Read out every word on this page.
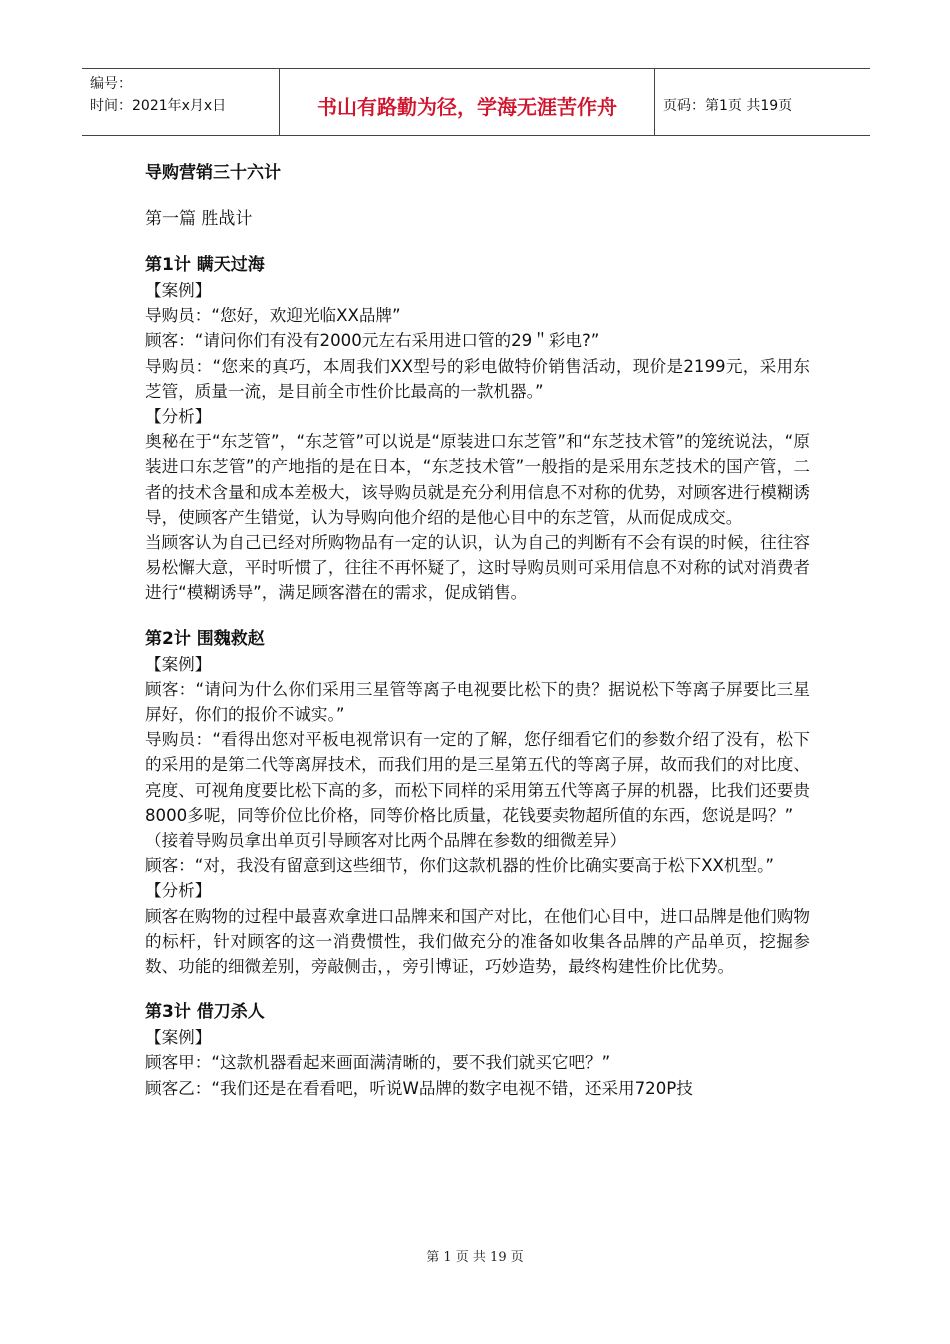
编号：
时间：2021年x月x日	书山有路勤为径，学海无涯苦作舟	页码：第1页 共19页
导购营销三十六计
第一篇 胜战计
第1计 瞒天过海

【案例】

导购员：“您好，欢迎光临XX品牌”

顾客：“请问你们有没有2000元左右采用进口管的29＂彩电?”

导购员：“您来的真巧，本周我们XX型号的彩电做特价销售活动，现价是2199元，采用东芝管，质量一流，是目前全市性价比最高的一款机器。”

【分析】

奥秘在于“东芝管”，“东芝管”可以说是“原装进口东芝管”和“东芝技术管”的笼统说法，“原装进口东芝管”的产地指的是在日本，“东芝技术管”一般指的是采用东芝技术的国产管，二者的技术含量和成本差极大，该导购员就是充分利用信息不对称的优势，对顾客进行模糊诱导，使顾客产生错觉，认为导购向他介绍的是他心目中的东芝管，从而促成成交。

当顾客认为自己已经对所购物品有一定的认识，认为自己的判断有不会有误的时候，往往容易松懈大意，平时听惯了，往往不再怀疑了，这时导购员则可采用信息不对称的试对消费者进行“模糊诱导”，满足顾客潜在的需求，促成销售。

第2计 围魏救赵

【案例】

顾客：“请问为什么你们采用三星管等离子电视要比松下的贵？据说松下等离子屏要比三星屏好，你们的报价不诚实。”

导购员：“看得出您对平板电视常识有一定的了解，您仔细看它们的参数介绍了没有，松下的采用的是第二代等离屏技术，而我们用的是三星第五代的等离子屏，故而我们的对比度、亮度、可视角度要比松下高的多，而松下同样的采用第五代等离子屏的机器，比我们还要贵8000多呢，同等价位比价格，同等价格比质量，花钱要卖物超所值的东西，您说是吗？”

（接着导购员拿出单页引导顾客对比两个品牌在参数的细微差异）

顾客：“对，我没有留意到这些细节，你们这款机器的性价比确实要高于松下XX机型。”

【分析】

顾客在购物的过程中最喜欢拿进口品牌来和国产对比，在他们心目中，进口品牌是他们购物的标杆，针对顾客的这一消费惯性，我们做充分的准备如收集各品牌的产品单页，挖掘参数、功能的细微差别，旁敲侧击，，旁引博证，巧妙造势，最终构建性价比优势。

第3计 借刀杀人

【案例】

顾客甲：“这款机器看起来画面满清晰的，要不我们就买它吧？”

顾客乙：“我们还是在看看吧，听说W品牌的数字电视不错，还采用720P技

第 1 页 共 19 页
